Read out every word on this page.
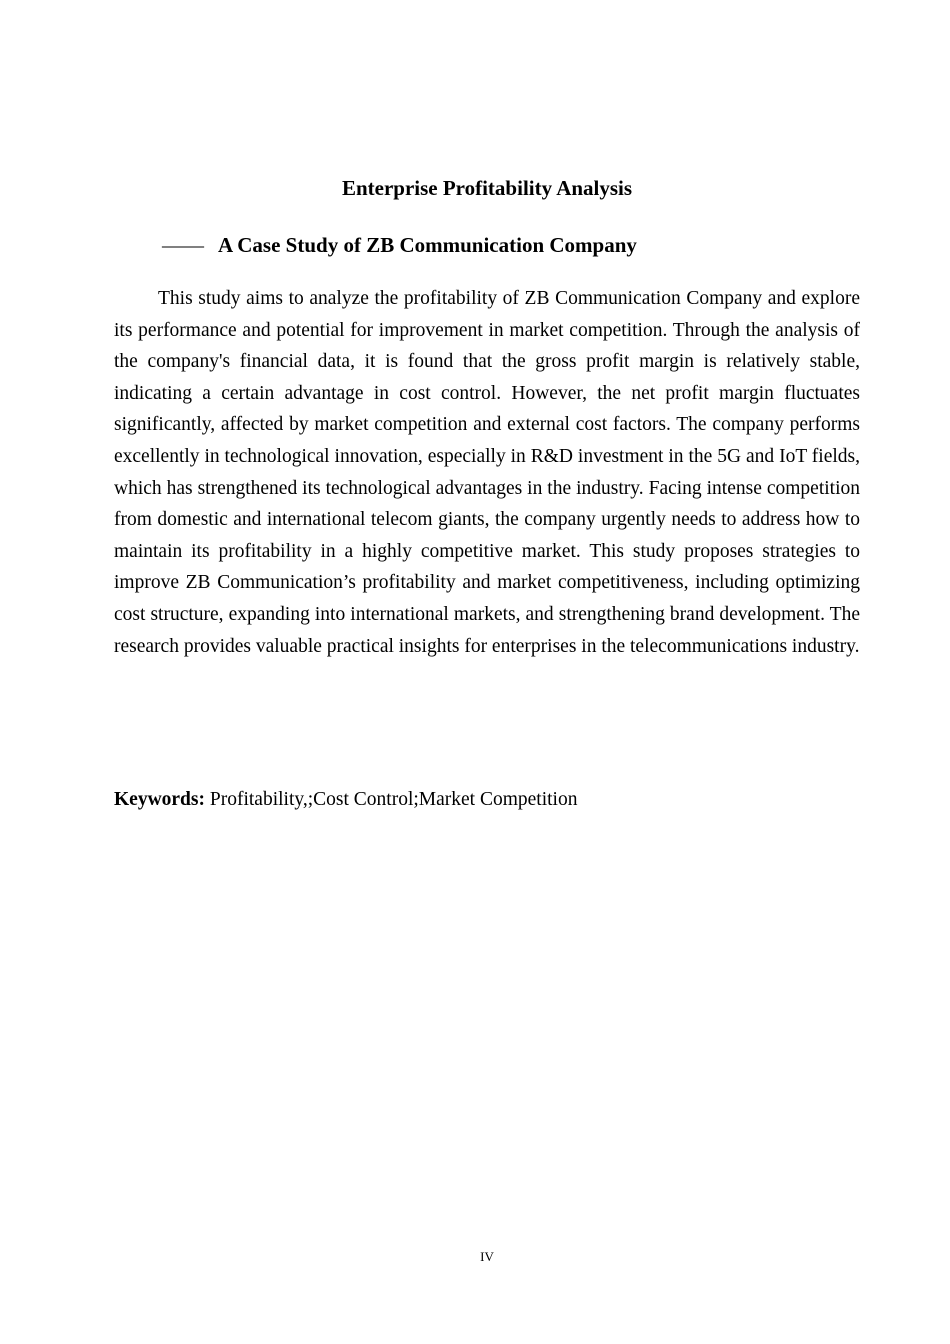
Enterprise Profitability Analysis
—— A Case Study of ZB Communication Company

This study aims to analyze the profitability of ZB Communication Company and explore its performance and potential for improvement in market competition. Through the analysis of the company's financial data, it is found that the gross profit margin is relatively stable, indicating a certain advantage in cost control. However, the net profit margin fluctuates significantly, affected by market competition and external cost factors. The company performs excellently in technological innovation, especially in R&D investment in the 5G and IoT fields, which has strengthened its technological advantages in the industry. Facing intense competition from domestic and international telecom giants, the company urgently needs to address how to maintain its profitability in a highly competitive market. This study proposes strategies to improve ZB Communication’s profitability and market competitiveness, including optimizing cost structure, expanding into international markets, and strengthening brand development. The research provides valuable practical insights for enterprises in the telecommunications industry.

Keywords: Profitability,;Cost Control;Market Competition

IV
